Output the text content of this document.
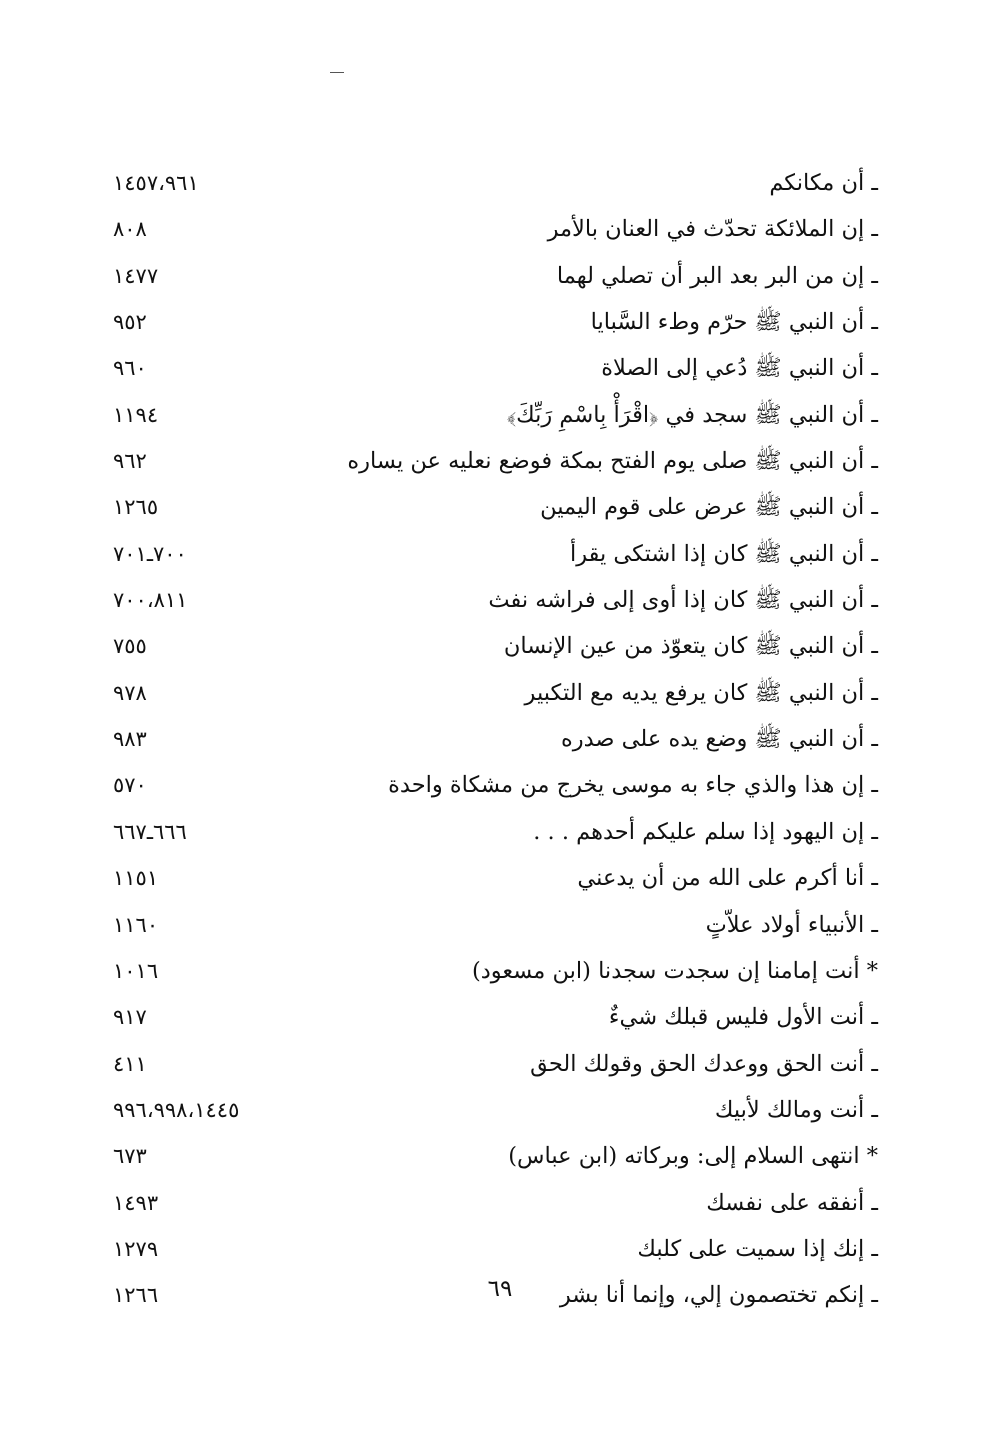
ـ أن مكانكم
١٤٥٧،٩٦١
ـ إن الملائكة تحدّث في العنان بالأمر
٨٠٨
ـ إن من البر بعد البر أن تصلي لهما
١٤٧٧
ـ أن النبي ﷺ حرّم وطء السَّبايا
٩٥٢
ـ أن النبي ﷺ دُعي إلى الصلاة
٩٦٠
ـ أن النبي ﷺ سجد في ﴿اقْرَأْ بِاسْمِ رَبِّكَ﴾
١١٩٤
ـ أن النبي ﷺ صلى يوم الفتح بمكة فوضع نعليه عن يساره
٩٦٢
ـ أن النبي ﷺ عرض على قوم اليمين
١٢٦٥
ـ أن النبي ﷺ كان إذا اشتكى يقرأ
٧٠٠ـ٧٠١
ـ أن النبي ﷺ كان إذا أوى إلى فراشه نفث
٧٠٠،٨١١
ـ أن النبي ﷺ كان يتعوّذ من عين الإنسان
٧٥٥
ـ أن النبي ﷺ كان يرفع يديه مع التكبير
٩٧٨
ـ أن النبي ﷺ وضع يده على صدره
٩٨٣
ـ إن هذا والذي جاء به موسى يخرج من مشكاة واحدة
٥٧٠
ـ إن اليهود إذا سلم عليكم أحدهم . . .
٦٦٦ـ٦٦٧
ـ أنا أكرم على الله من أن يدعني
١١٥١
ـ الأنبياء أولاد علاّتٍ
١١٦٠
* أنت إمامنا إن سجدت سجدنا (ابن مسعود)
١٠١٦
ـ أنت الأول فليس قبلك شيءٌ
٩١٧
ـ أنت الحق ووعدك الحق وقولك الحق
٤١١
ـ أنت ومالك لأبيك
٩٩٦،٩٩٨،١٤٤٥
* انتهى السلام إلى: وبركاته (ابن عباس)
٦٧٣
ـ أنفقه على نفسك
١٤٩٣
ـ إنك إذا سميت على كلبك
١٢٧٩
ـ إنكم تختصمون إلي، وإنما أنا بشر
١٢٦٦	٦٩
